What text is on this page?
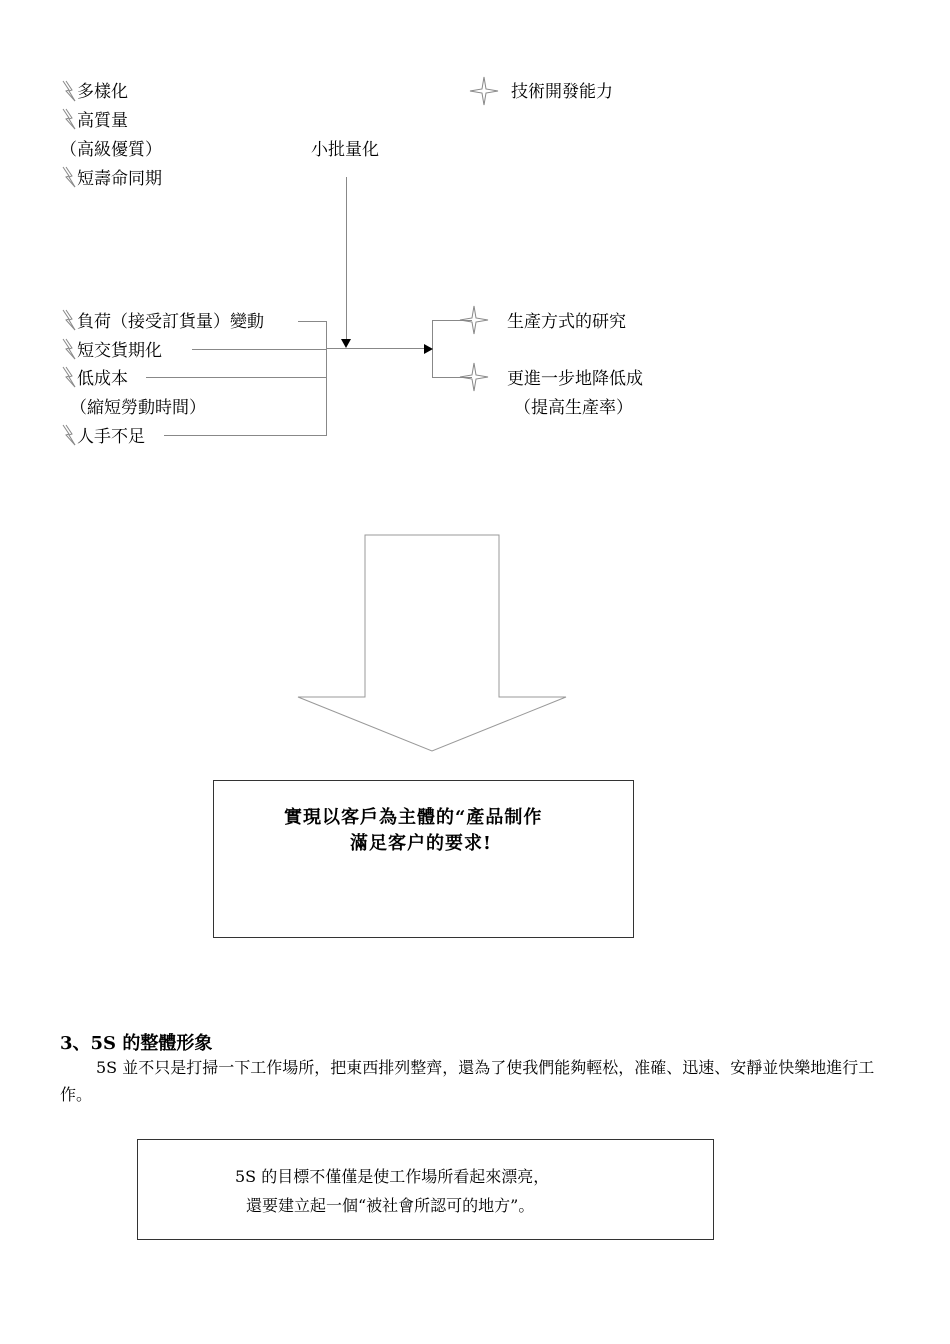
多樣化
高質量
（高級優質）
短壽命同期
小批量化
技術開發能力
負荷（接受訂貨量）變動
短交貨期化
低成本
（縮短勞動時間）
人手不足
生產方式的研究
更進一步地降低成
（提高生產率）
實現以客戶為主體的“產品制作
滿足客户的要求!
3、5S 的整體形象
5S 並不只是打掃一下工作場所，把東西排列整齊，還為了使我們能夠輕松，准確、迅速、安靜並快樂地進行工作。
5S 的目標不僅僅是使工作場所看起來漂亮，
還要建立起一個“被社會所認可的地方”。
